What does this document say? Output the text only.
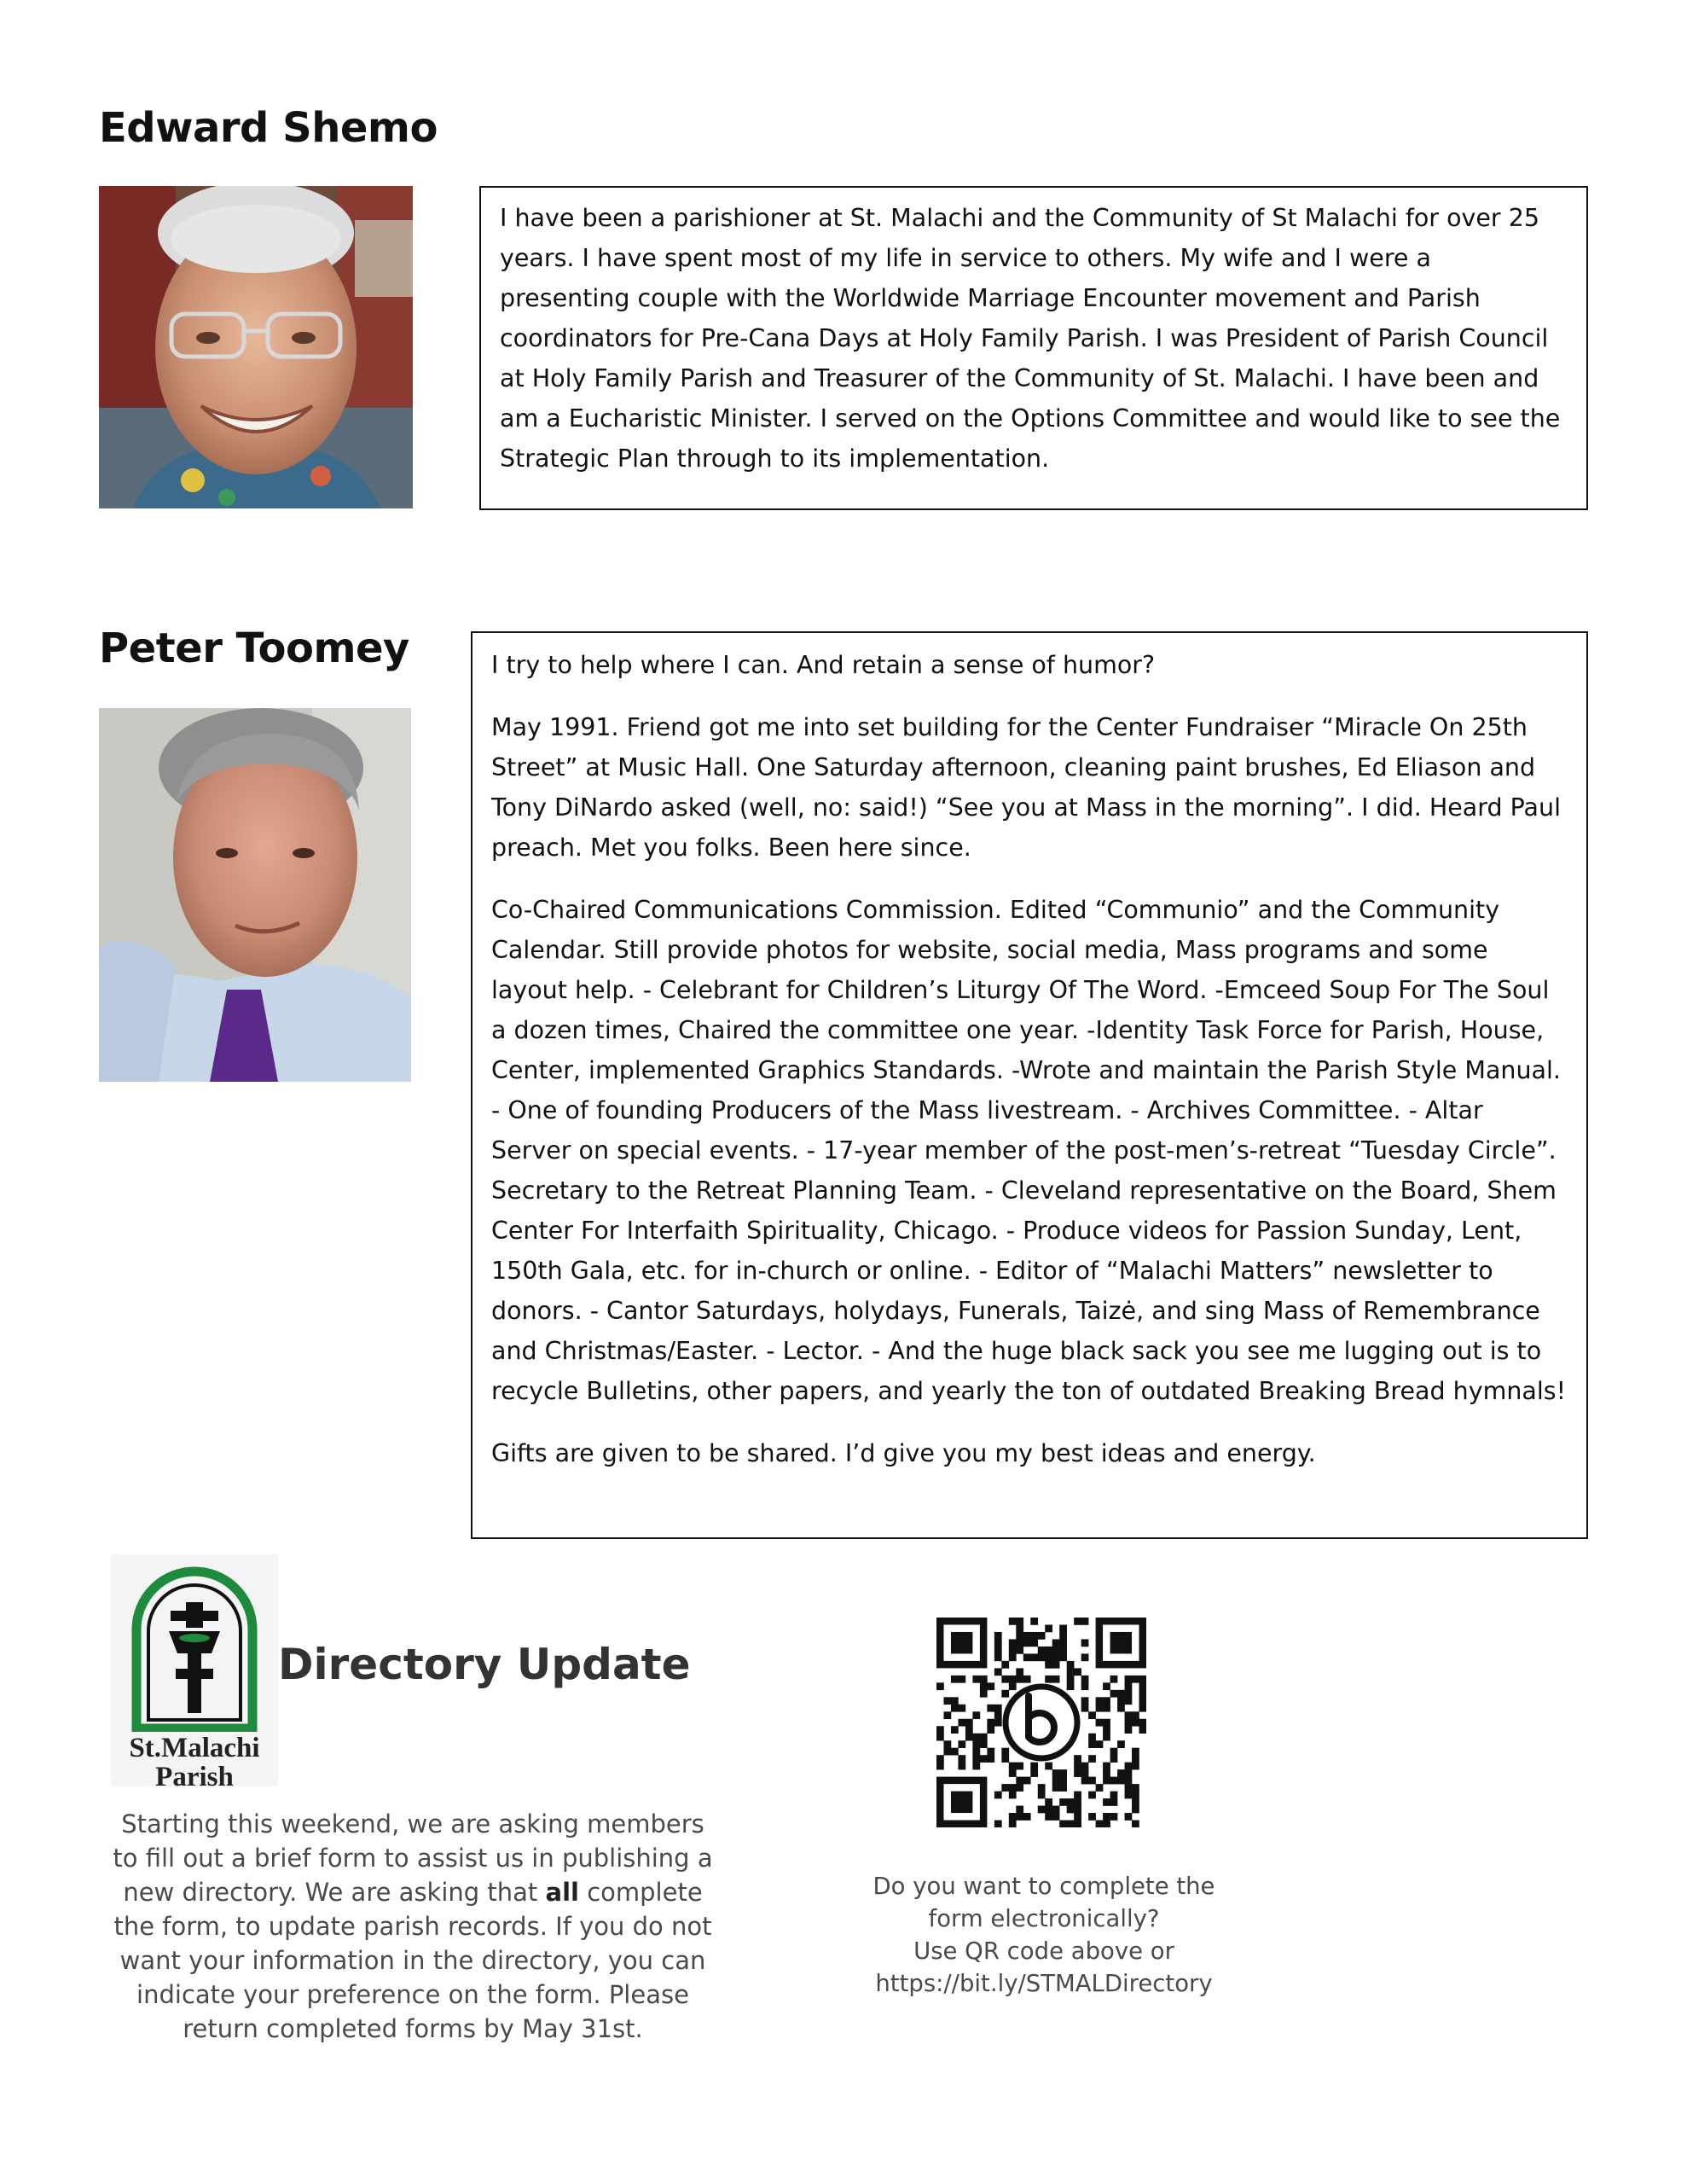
Edward Shemo

I have been a parishioner at St. Malachi and the Community of St Malachi for over 25 years. I have spent most of my life in service to others. My wife and I were a presenting couple with the Worldwide Marriage Encounter movement and Parish coordinators for Pre-Cana Days at Holy Family Parish. I was President of Parish Council at Holy Family Parish and Treasurer of the Community of St. Malachi. I have been and am a Eucharistic Minister. I served on the Options Committee and would like to see the Strategic Plan through to its implementation.

Peter Toomey	I try to help where I can. And retain a sense of humor?

May 1991. Friend got me into set building for the Center Fundraiser “Miracle On 25th Street” at Music Hall. One Saturday afternoon, cleaning paint brushes, Ed Eliason and Tony DiNardo asked (well, no: said!) “See you at Mass in the morning”. I did. Heard Paul preach. Met you folks. Been here since.

Co-Chaired Communications Commission. Edited “Communio” and the Community Calendar. Still provide photos for website, social media, Mass programs and some layout help. - Celebrant for Children’s Liturgy Of The Word. -Emceed Soup For The Soul a dozen times, Chaired the committee one year. -Identity Task Force for Parish, House, Center, implemented Graphics Standards. -Wrote and maintain the Parish Style Manual. - One of founding Producers of the Mass livestream. - Archives Committee. - Altar Server on special events. - 17-year member of the post-men’s-retreat “Tuesday Circle”. Secretary to the Retreat Planning Team. - Cleveland representative on the Board, Shem Center For Interfaith Spirituality, Chicago. - Produce videos for Passion Sunday, Lent, 150th Gala, etc. for in-church or online. - Editor of “Malachi Matters” newsletter to donors. - Cantor Saturdays, holydays, Funerals, Taizė, and sing Mass of Remembrance and Christmas/Easter. - Lector. - And the huge black sack you see me lugging out is to recycle Bulletins, other papers, and yearly the ton of outdated Breaking Bread hymnals!

Gifts are given to be shared. I’d give you my best ideas and energy.

St.Malachi
Parish
Directory Update

Starting this weekend, we are asking members to fill out a brief form to assist us in publishing a new directory. We are asking that all complete the form, to update parish records. If you do not want your information in the directory, you can indicate your preference on the form. Please return completed forms by May 31st.

Do you want to complete the
form electronically?
Use QR code above or
https://bit.ly/STMALDirectory
